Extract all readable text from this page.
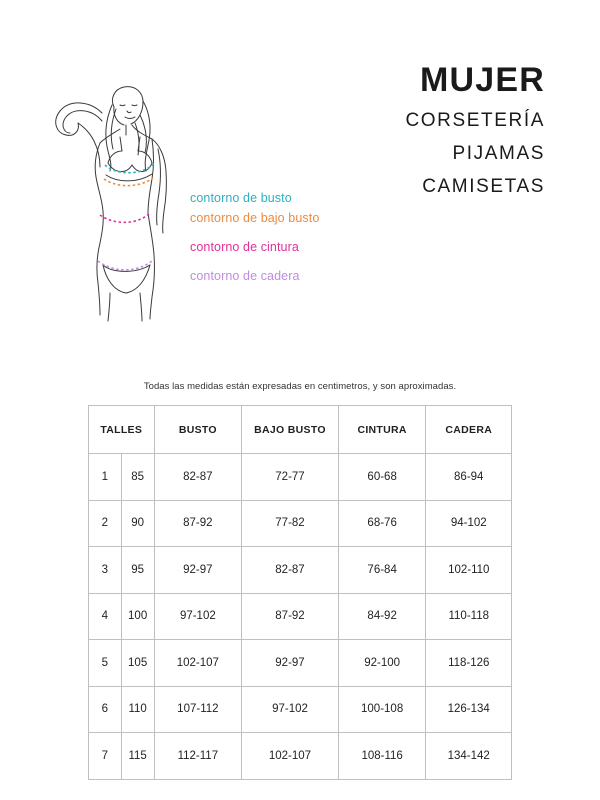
contorno de busto
contorno de bajo busto
contorno de cintura
contorno de cadera
MUJER
CORSETERÍA
PIJAMAS
CAMISETAS
Todas las medidas están expresadas en centimetros, y son aproximadas.
TALLES		BUSTO	BAJO BUSTO	CINTURA	CADERA
1	85	82-87	72-77	60-68	86-94
2	90	87-92	77-82	68-76	94-102
3	95	92-97	82-87	76-84	102-110
4	100	97-102	87-92	84-92	110-118
5	105	102-107	92-97	92-100	118-126
6	110	107-112	97-102	100-108	126-134
7	115	112-117	102-107	108-116	134-142
